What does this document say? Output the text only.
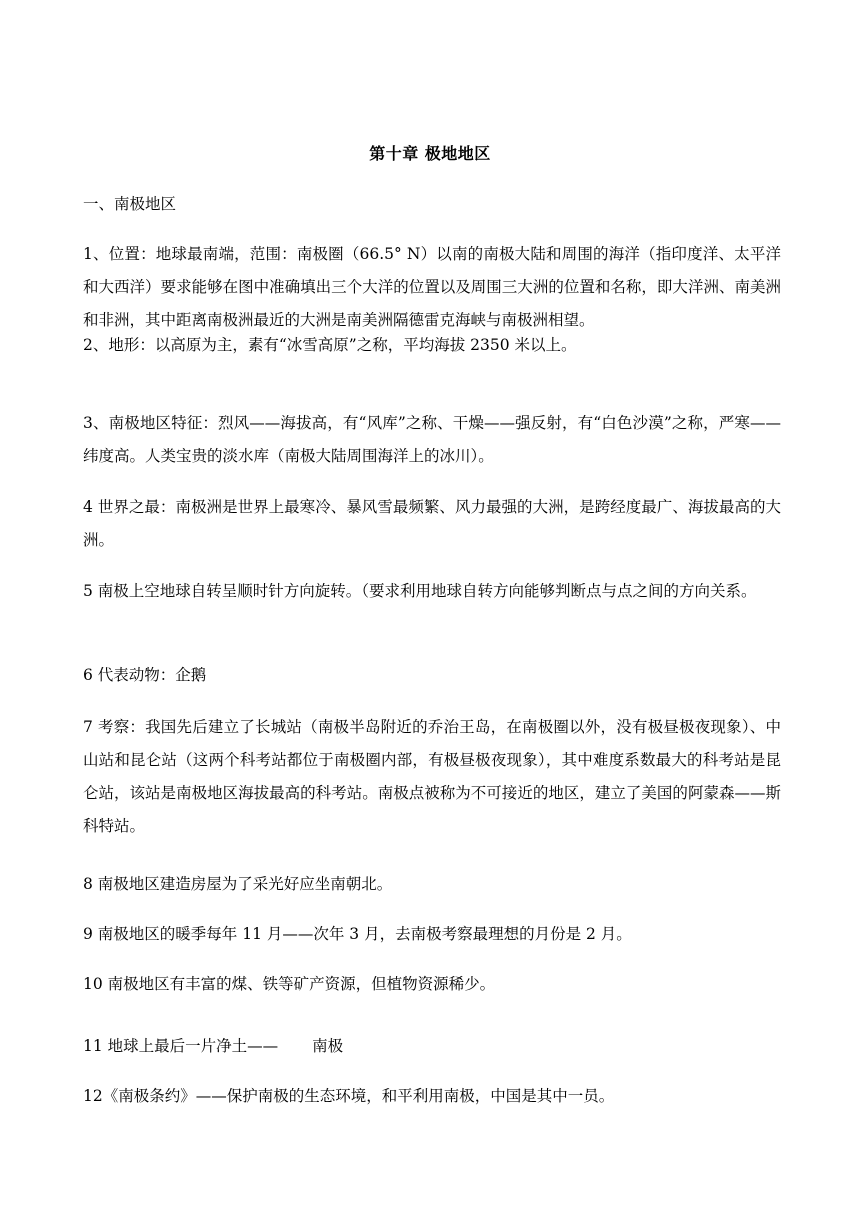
第十章 极地地区

一、南极地区

1、位置：地球最南端，范围：南极圈（66.5° N）以南的南极大陆和周围的海洋（指印度洋、太平洋和大西洋）要求能够在图中准确填出三个大洋的位置以及周围三大洲的位置和名称，即大洋洲、南美洲和非洲，其中距离南极洲最近的大洲是南美洲隔德雷克海峡与南极洲相望。

2、地形：以高原为主，素有“冰雪高原”之称，平均海拔 2350 米以上。

3、南极地区特征：烈风——海拔高，有“风库”之称、干燥——强反射，有“白色沙漠”之称，严寒——纬度高。人类宝贵的淡水库（南极大陆周围海洋上的冰川）。

4 世界之最：南极洲是世界上最寒冷、暴风雪最频繁、风力最强的大洲，是跨经度最广、海拔最高的大洲。

5 南极上空地球自转呈顺时针方向旋转。（要求利用地球自转方向能够判断点与点之间的方向关系。

6 代表动物：企鹅

7 考察：我国先后建立了长城站（南极半岛附近的乔治王岛，在南极圈以外，没有极昼极夜现象）、中山站和昆仑站（这两个科考站都位于南极圈内部，有极昼极夜现象），其中难度系数最大的科考站是昆仑站，该站是南极地区海拔最高的科考站。南极点被称为不可接近的地区，建立了美国的阿蒙森——斯科特站。

8 南极地区建造房屋为了采光好应坐南朝北。

9 南极地区的暖季每年 11 月——次年 3 月，去南极考察最理想的月份是 2 月。

10 南极地区有丰富的煤、铁等矿产资源，但植物资源稀少。

11 地球上最后一片净土—— 南极

12《南极条约》——保护南极的生态环境，和平利用南极，中国是其中一员。
